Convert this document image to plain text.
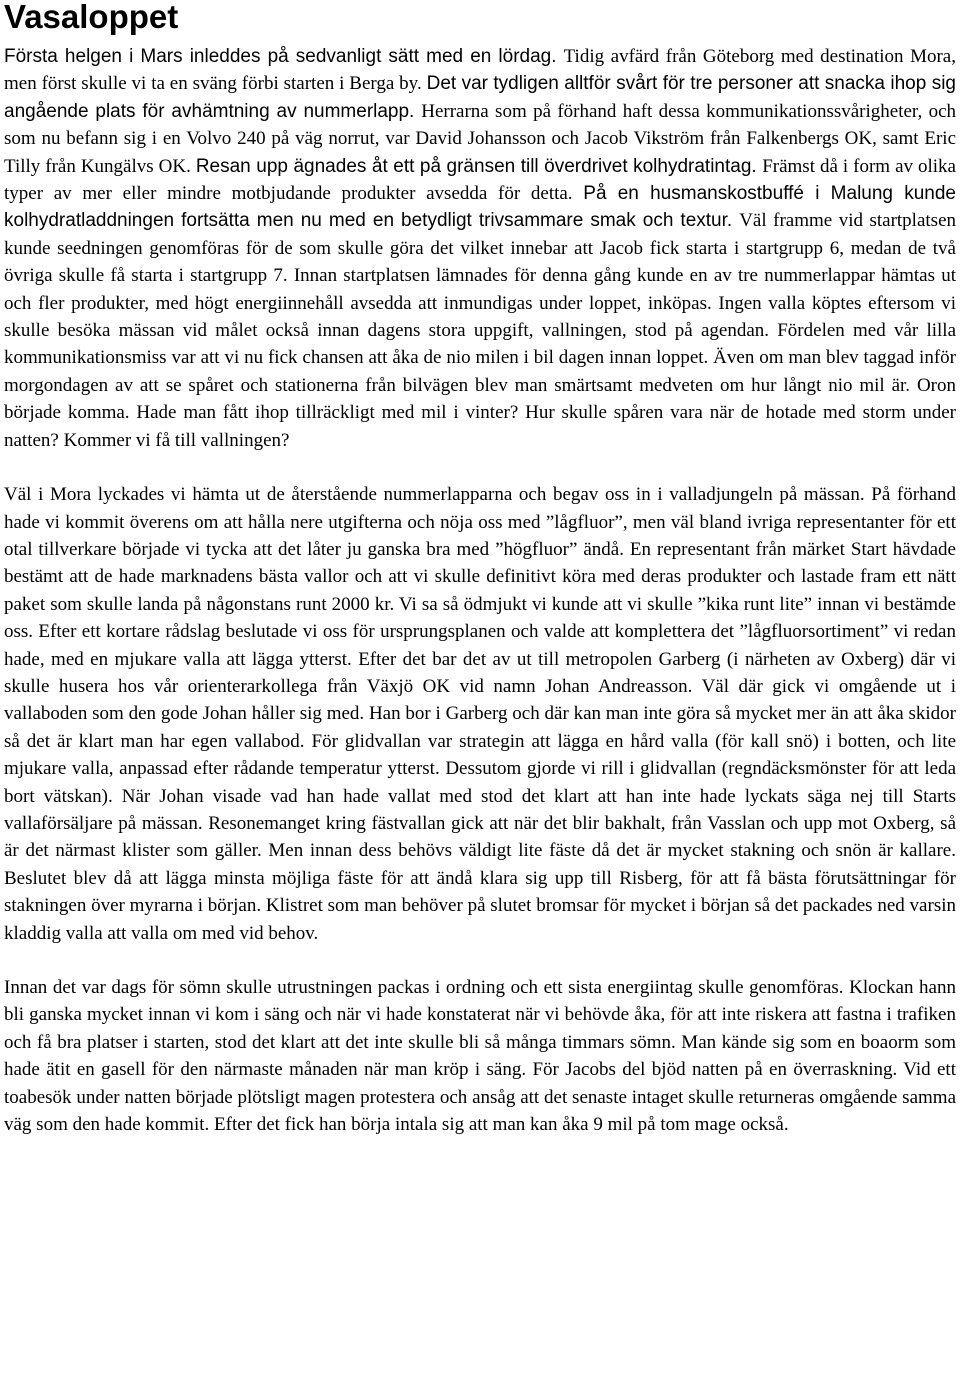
Vasaloppet

Första helgen i Mars inleddes på sedvanligt sätt med en lördag. Tidig avfärd från Göteborg med destination Mora, men först skulle vi ta en sväng förbi starten i Berga by. Det var tydligen alltför svårt för tre personer att snacka ihop sig angående plats för avhämtning av nummerlapp. Herrarna som på förhand haft dessa kommunikationssvårigheter, och som nu befann sig i en Volvo 240 på väg norrut, var David Johansson och Jacob Vikström från Falkenbergs OK, samt Eric Tilly från Kungälvs OK. Resan upp ägnades åt ett på gränsen till överdrivet kolhydratintag. Främst då i form av olika typer av mer eller mindre motbjudande produkter avsedda för detta. På en husmanskostbuffé i Malung kunde kolhydratladdningen fortsätta men nu med en betydligt trivsammare smak och textur. Väl framme vid startplatsen kunde seedningen genomföras för de som skulle göra det vilket innebar att Jacob fick starta i startgrupp 6, medan de två övriga skulle få starta i startgrupp 7. Innan startplatsen lämnades för denna gång kunde en av tre nummerlappar hämtas ut och fler produkter, med högt energiinnehåll avsedda att inmundigas under loppet, inköpas. Ingen valla köptes eftersom vi skulle besöka mässan vid målet också innan dagens stora uppgift, vallningen, stod på agendan. Fördelen med vår lilla kommunikationsmiss var att vi nu fick chansen att åka de nio milen i bil dagen innan loppet. Även om man blev taggad inför morgondagen av att se spåret och stationerna från bilvägen blev man smärtsamt medveten om hur långt nio mil är. Oron började komma. Hade man fått ihop tillräckligt med mil i vinter? Hur skulle spåren vara när de hotade med storm under natten? Kommer vi få till vallningen?

Väl i Mora lyckades vi hämta ut de återstående nummerlapparna och begav oss in i valladjungeln på mässan. På förhand hade vi kommit överens om att hålla nere utgifterna och nöja oss med ”lågfluor”, men väl bland ivriga representanter för ett otal tillverkare började vi tycka att det låter ju ganska bra med ”högfluor” ändå. En representant från märket Start hävdade bestämt att de hade marknadens bästa vallor och att vi skulle definitivt köra med deras produkter och lastade fram ett nätt paket som skulle landa på någonstans runt 2000 kr. Vi sa så ödmjukt vi kunde att vi skulle ”kika runt lite” innan vi bestämde oss. Efter ett kortare rådslag beslutade vi oss för ursprungsplanen och valde att komplettera det ”lågfluorsortiment” vi redan hade, med en mjukare valla att lägga ytterst. Efter det bar det av ut till metropolen Garberg (i närheten av Oxberg) där vi skulle husera hos vår orienterarkollega från Växjö OK vid namn Johan Andreasson. Väl där gick vi omgående ut i vallaboden som den gode Johan håller sig med. Han bor i Garberg och där kan man inte göra så mycket mer än att åka skidor så det är klart man har egen vallabod. För glidvallan var strategin att lägga en hård valla (för kall snö) i botten, och lite mjukare valla, anpassad efter rådande temperatur ytterst. Dessutom gjorde vi rill i glidvallan (regndäcksmönster för att leda bort vätskan). När Johan visade vad han hade vallat med stod det klart att han inte hade lyckats säga nej till Starts vallaförsäljare på mässan. Resonemanget kring fästvallan gick att när det blir bakhalt, från Vasslan och upp mot Oxberg, så är det närmast klister som gäller. Men innan dess behövs väldigt lite fäste då det är mycket stakning och snön är kallare. Beslutet blev då att lägga minsta möjliga fäste för att ändå klara sig upp till Risberg, för att få bästa förutsättningar för stakningen över myrarna i början. Klistret som man behöver på slutet bromsar för mycket i början så det packades ned varsin kladdig valla att valla om med vid behov.

Innan det var dags för sömn skulle utrustningen packas i ordning och ett sista energiintag skulle genomföras. Klockan hann bli ganska mycket innan vi kom i säng och när vi hade konstaterat när vi behövde åka, för att inte riskera att fastna i trafiken och få bra platser i starten, stod det klart att det inte skulle bli så många timmars sömn. Man kände sig som en boaorm som hade ätit en gasell för den närmaste månaden när man kröp i säng. För Jacobs del bjöd natten på en överraskning. Vid ett toabesök under natten började plötsligt magen protestera och ansåg att det senaste intaget skulle returneras omgående samma väg som den hade kommit. Efter det fick han börja intala sig att man kan åka 9 mil på tom mage också.
